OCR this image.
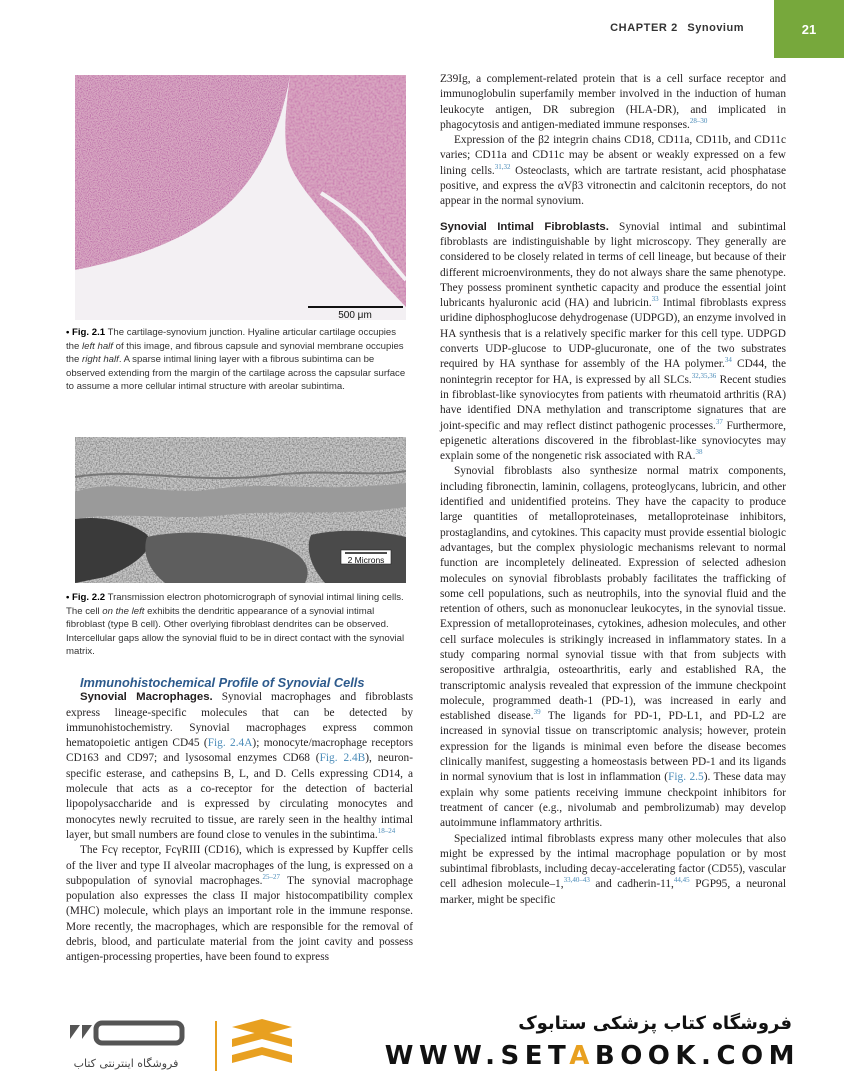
CHAPTER 2 Synovium	21
500 μm
• Fig. 2.1 The cartilage-synovium junction. Hyaline articular cartilage occupies the left half of this image, and fibrous capsule and synovial membrane occupies the right half. A sparse intimal lining layer with a fibrous subintima can be observed extending from the margin of the cartilage across the capsular surface to assume a more cellular intimal structure with areolar subintima.
2 Microns
• Fig. 2.2 Transmission electron photomicrograph of synovial intimal lining cells. The cell on the left exhibits the dendritic appearance of a synovial intimal fibroblast (type B cell). Other overlying fibroblast dendrites can be observed. Intercellular gaps allow the synovial fluid to be in direct contact with the synovial matrix.

Immunohistochemical Profile of Synovial Cells

Synovial Macrophages. Synovial macrophages and fibroblasts express lineage-specific molecules that can be detected by immunohistochemistry. Synovial macrophages express common hematopoietic antigen CD45 (Fig. 2.4A); monocyte/macrophage receptors CD163 and CD97; and lysosomal enzymes CD68 (Fig. 2.4B), neuron-specific esterase, and cathepsins B, L, and D. Cells expressing CD14, a molecule that acts as a co-receptor for the detection of bacterial lipopolysaccharide and is expressed by circulating monocytes and monocytes newly recruited to tissue, are rarely seen in the healthy intimal layer, but small numbers are found close to venules in the subintima.$^{18-24}$

The Fcγ receptor, FcγRIII (CD16), which is expressed by Kupffer cells of the liver and type II alveolar macrophages of the lung, is expressed on a subpopulation of synovial macrophages.$^{25-27}$ The synovial macrophage population also expresses the class II major histocompatibility complex (MHC) molecule, which plays an important role in the immune response. More recently, the macrophages, which are responsible for the removal of debris, blood, and particulate material from the joint cavity and possess antigen-processing properties, have been found to express

Z39Ig, a complement-related protein that is a cell surface receptor and immunoglobulin superfamily member involved in the induction of human leukocyte antigen, DR subregion (HLA-DR), and implicated in phagocytosis and antigen-mediated immune responses.$^{28-30}$

Expression of the β2 integrin chains CD18, CD11a, CD11b, and CD11c varies; CD11a and CD11c may be absent or weakly expressed on a few lining cells.$^{31,32}$ Osteoclasts, which are tartrate resistant, acid phosphatase positive, and express the αVβ3 vitronectin and calcitonin receptors, do not appear in the normal synovium.

Synovial Intimal Fibroblasts. Synovial intimal and subintimal fibroblasts are indistinguishable by light microscopy. They generally are considered to be closely related in terms of cell lineage, but because of their different microenvironments, they do not always share the same phenotype. They possess prominent synthetic capacity and produce the essential joint lubricants hyaluronic acid (HA) and lubricin.$^{33}$ Intimal fibroblasts express uridine diphosphoglucose dehydrogenase (UDPGD), an enzyme involved in HA synthesis that is a relatively specific marker for this cell type. UDPGD converts UDP-glucose to UDP-glucuronate, one of the two substrates required by HA synthase for assembly of the HA polymer.$^{34}$ CD44, the nonintegrin receptor for HA, is expressed by all SLCs.$^{32,35,36}$ Recent studies in fibroblast-like synoviocytes from patients with rheumatoid arthritis (RA) have identified DNA methylation and transcriptome signatures that are joint-specific and may reflect distinct pathogenic processes.$^{37}$ Furthermore, epigenetic alterations discovered in the fibroblast-like synoviocytes may explain some of the nongenetic risk associated with RA.$^{38}$

Synovial fibroblasts also synthesize normal matrix components, including fibronectin, laminin, collagens, proteoglycans, lubricin, and other identified and unidentified proteins. They have the capacity to produce large quantities of metalloproteinases, metalloproteinase inhibitors, prostaglandins, and cytokines. This capacity must provide essential biologic advantages, but the complex physiologic mechanisms relevant to normal function are incompletely delineated. Expression of selected adhesion molecules on synovial fibroblasts probably facilitates the trafficking of some cell populations, such as neutrophils, into the synovial fluid and the retention of others, such as mononuclear leukocytes, in the synovial tissue. Expression of metalloproteinases, cytokines, adhesion molecules, and other cell surface molecules is strikingly increased in inflammatory states. In a study comparing normal synovial tissue with that from subjects with seropositive arthralgia, osteoarthritis, early and established RA, the transcriptomic analysis revealed that expression of the immune checkpoint molecule, programmed death-1 (PD-1), was increased in early and established disease.$^{39}$ The ligands for PD-1, PD-L1, and PD-L2 are increased in synovial tissue on transcriptomic analysis; however, protein expression for the ligands is minimal even before the disease becomes clinically manifest, suggesting a homeostasis between PD-1 and its ligands in normal synovium that is lost in inflammation (Fig. 2.5). These data may explain why some patients receiving immune checkpoint inhibitors for treatment of cancer (e.g., nivolumab and pembrolizumab) may develop autoimmune inflammatory arthritis.

Specialized intimal fibroblasts express many other molecules that also might be expressed by the intimal macrophage population or by most subintimal fibroblasts, including decay-accelerating factor (CD55), vascular cell adhesion molecule–1,$^{33,40-43}$ and cadherin-11,$^{44,45}$ PGP95, a neuronal marker, might be specific

فروشگاه اینترنتی کتاب
فروشگاه کتاب پزشکی ستابوک
WWW.SETABOOK.COM
